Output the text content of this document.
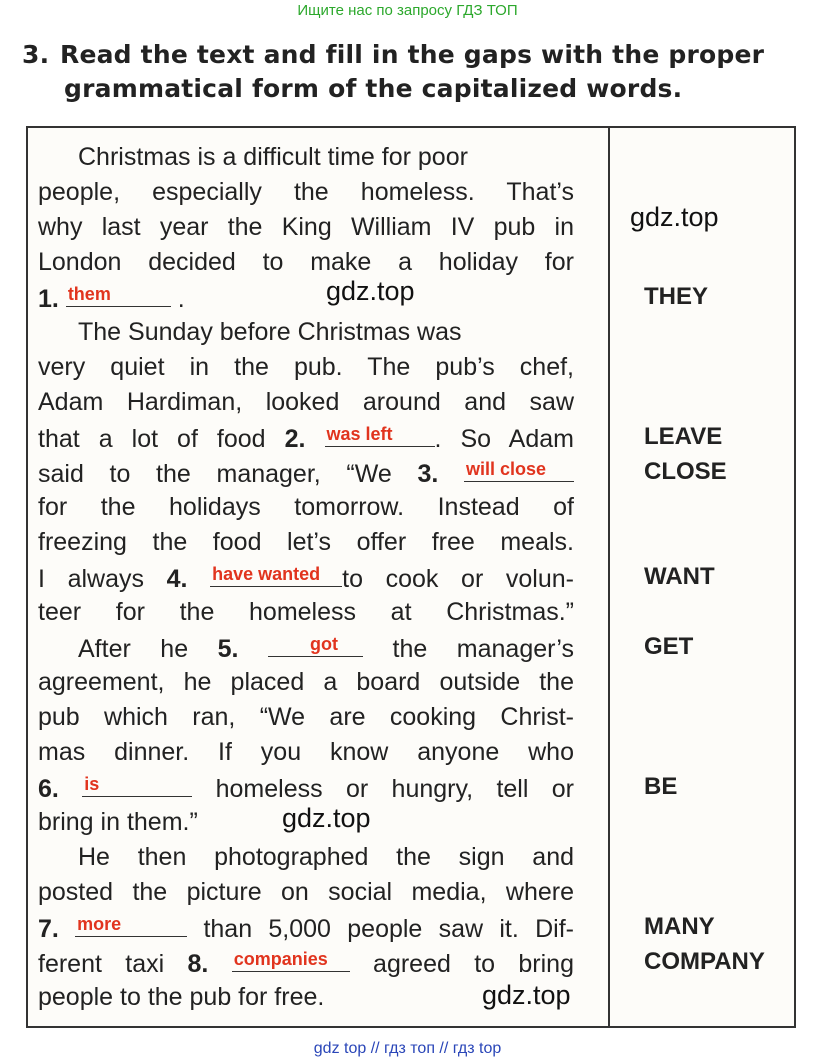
Ищите нас по запросу ГДЗ ТОП
3. Read the text and fill in the gaps with the proper
grammatical form of the capitalized words.
Christmas is a difficult time for poor
people, especially the homeless. That’s
why last year the King William IV pub in
London decided to make a holiday for
1. them .
The Sunday before Christmas was
very quiet in the pub. The pub’s chef,
Adam Hardiman, looked around and saw
that a lot of food 2. was left . So Adam
said to the manager, “We 3. will close
for the holidays tomorrow. Instead of
freezing the food let’s offer free meals.
I always 4. have wanted to cook or volun-
teer for the homeless at Christmas.”
After he 5.	got the manager’s
agreement, he placed a board outside the
pub which ran, “We are cooking Christ-
mas dinner. If you know anyone who
6. is	homeless or hungry, tell or
bring in them.”
He then photographed the sign and
posted the picture on social media, where
7. more	than 5,000 people saw it. Dif-
ferent taxi 8. companies agreed to bring
people to the pub for free.
THEY
LEAVE
CLOSE
WANT
GET
BE
MANY
COMPANY
gdz.top
gdz.top
gdz.top
gdz.top
gdz top // гдз топ // гдз top
